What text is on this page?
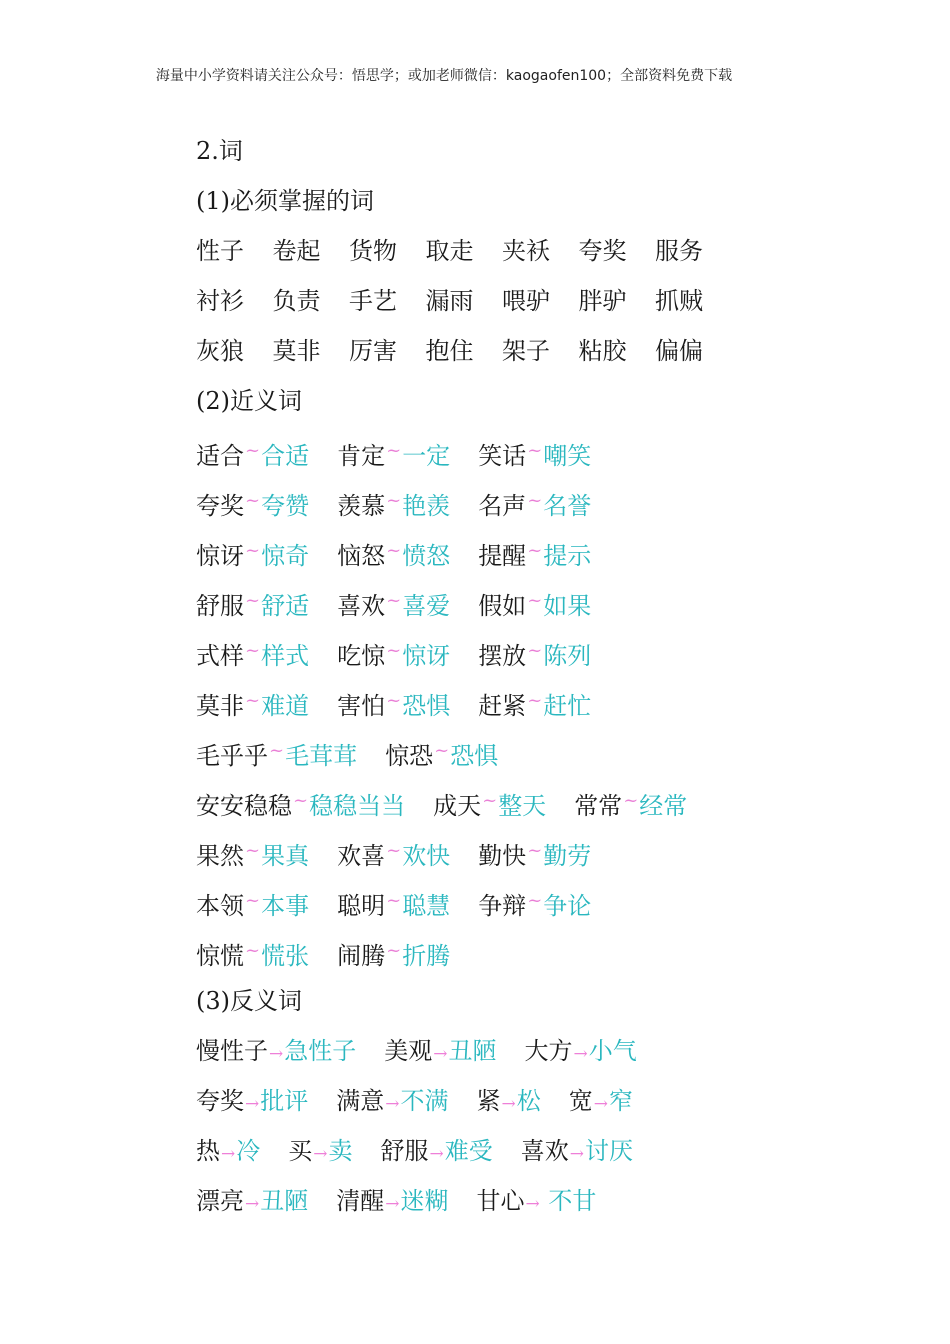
海量中小学资料请关注公众号：悟思学；或加老师微信：kaogaofen100；全部资料免费下载
2.词
(1)必须掌握的词
性子 卷起 货物 取走 夹袄 夸奖 服务
衬衫 负责 手艺 漏雨 喂驴 胖驴 抓贼
灰狼 莫非 厉害 抱住 架子 粘胶 偏偏
(2)近义词
适合~合适 肯定~一定 笑话~嘲笑
夸奖~夸赞 羡慕~艳羡 名声~名誉
惊讶~惊奇 恼怒~愤怒 提醒~提示
舒服~舒适 喜欢~喜爱 假如~如果
式样~样式 吃惊~惊讶 摆放~陈列
莫非~难道 害怕~恐惧 赶紧~赶忙
毛乎乎~毛茸茸 惊恐~恐惧
安安稳稳~稳稳当当 成天~整天 常常~经常
果然~果真 欢喜~欢快 勤快~勤劳
本领~本事 聪明~聪慧 争辩~争论
惊慌~慌张 闹腾~折腾
(3)反义词
慢性子→急性子 美观→丑陋 大方→小气
夸奖→批评 满意→不满 紧→松 宽→窄
热→冷 买→卖 舒服→难受 喜欢→讨厌
漂亮→丑陋 清醒→迷糊 甘心→ 不甘
